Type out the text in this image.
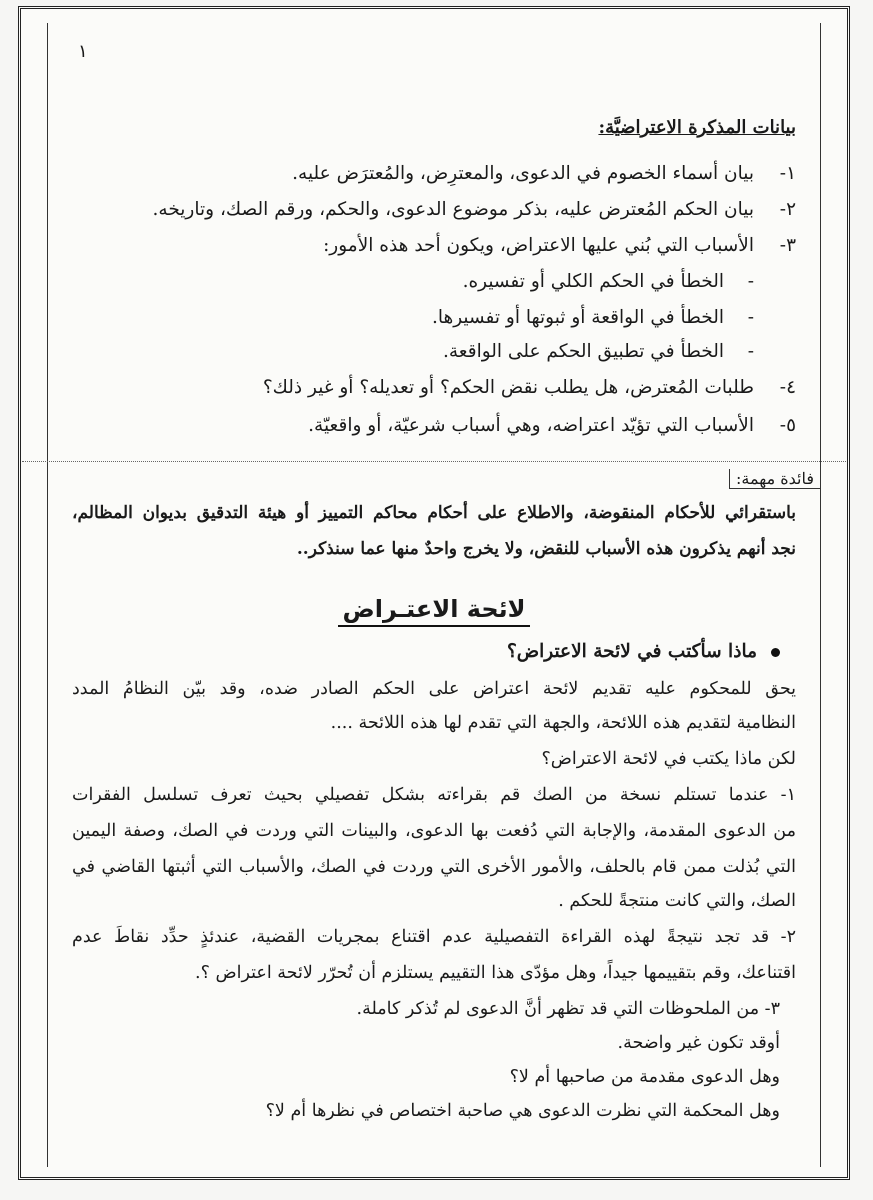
١
بيانات المذكرة الاعتراضيَّة:
١-بيان أسماء الخصوم في الدعوى، والمعترِض، والمُعترَض عليه.
٢-بيان الحكم المُعترض عليه، بذكر موضوع الدعوى، والحكم، ورقم الصك، وتاريخه.
٣-الأسباب التي بُني عليها الاعتراض، ويكون أحد هذه الأمور:
-الخطأ في الحكم الكلي أو تفسيره.
-الخطأ في الواقعة أو ثبوتها أو تفسيرها.
-الخطأ في تطبيق الحكم على الواقعة.
٤-طلبات المُعترض، هل يطلب نقض الحكم؟ أو تعديله؟ أو غير ذلك؟
٥-الأسباب التي تؤيّد اعتراضه، وهي أسباب شرعيّة، أو واقعيّة.
فائدة مهمة:
باستقرائي للأحكام المنقوضة، والاطلاع على أحكام محاكم التمييز أو هيئة التدقيق بديوان المظالم،
نجد أنهم يذكرون هذه الأسباب للنقض، ولا يخرج واحدٌ منها عما سنذكر..
لائحة الاعتـراض
ماذا سأكتب في لائحة الاعتراض؟
يحق للمحكوم عليه تقديم لائحة اعتراض على الحكم الصادر ضده، وقد بيّن النظامُ المدد
النظامية لتقديم هذه اللائحة، والجهة التي تقدم لها هذه اللائحة ....
لكن ماذا يكتب في لائحة الاعتراض؟
١- عندما تستلم نسخة من الصك قم بقراءته بشكل تفصيلي بحيث تعرف تسلسل الفقرات
من الدعوى المقدمة، والإجابة التي دُفعت بها الدعوى، والبينات التي وردت في الصك، وصفة اليمين
التي بُذلت ممن قام بالحلف، والأمور الأخرى التي وردت في الصك، والأسباب التي أثبتها القاضي في
الصك، والتي كانت منتجةً للحكم .
٢- قد تجد نتيجةً لهذه القراءة التفصيلية عدم اقتناع بمجريات القضية، عندئذٍ حدِّد نقاطَ عدم
اقتناعك، وقم بتقييمها جيداً، وهل مؤدّى هذا التقييم يستلزم أن تُحرّر لائحة اعتراض ؟.
٣- من الملحوظات التي قد تظهر أنَّ الدعوى لم تُذكر كاملة.
أوقد تكون غير واضحة.
وهل الدعوى مقدمة من صاحبها أم لا؟
وهل المحكمة التي نظرت الدعوى هي صاحبة اختصاص في نظرها أم لا؟
